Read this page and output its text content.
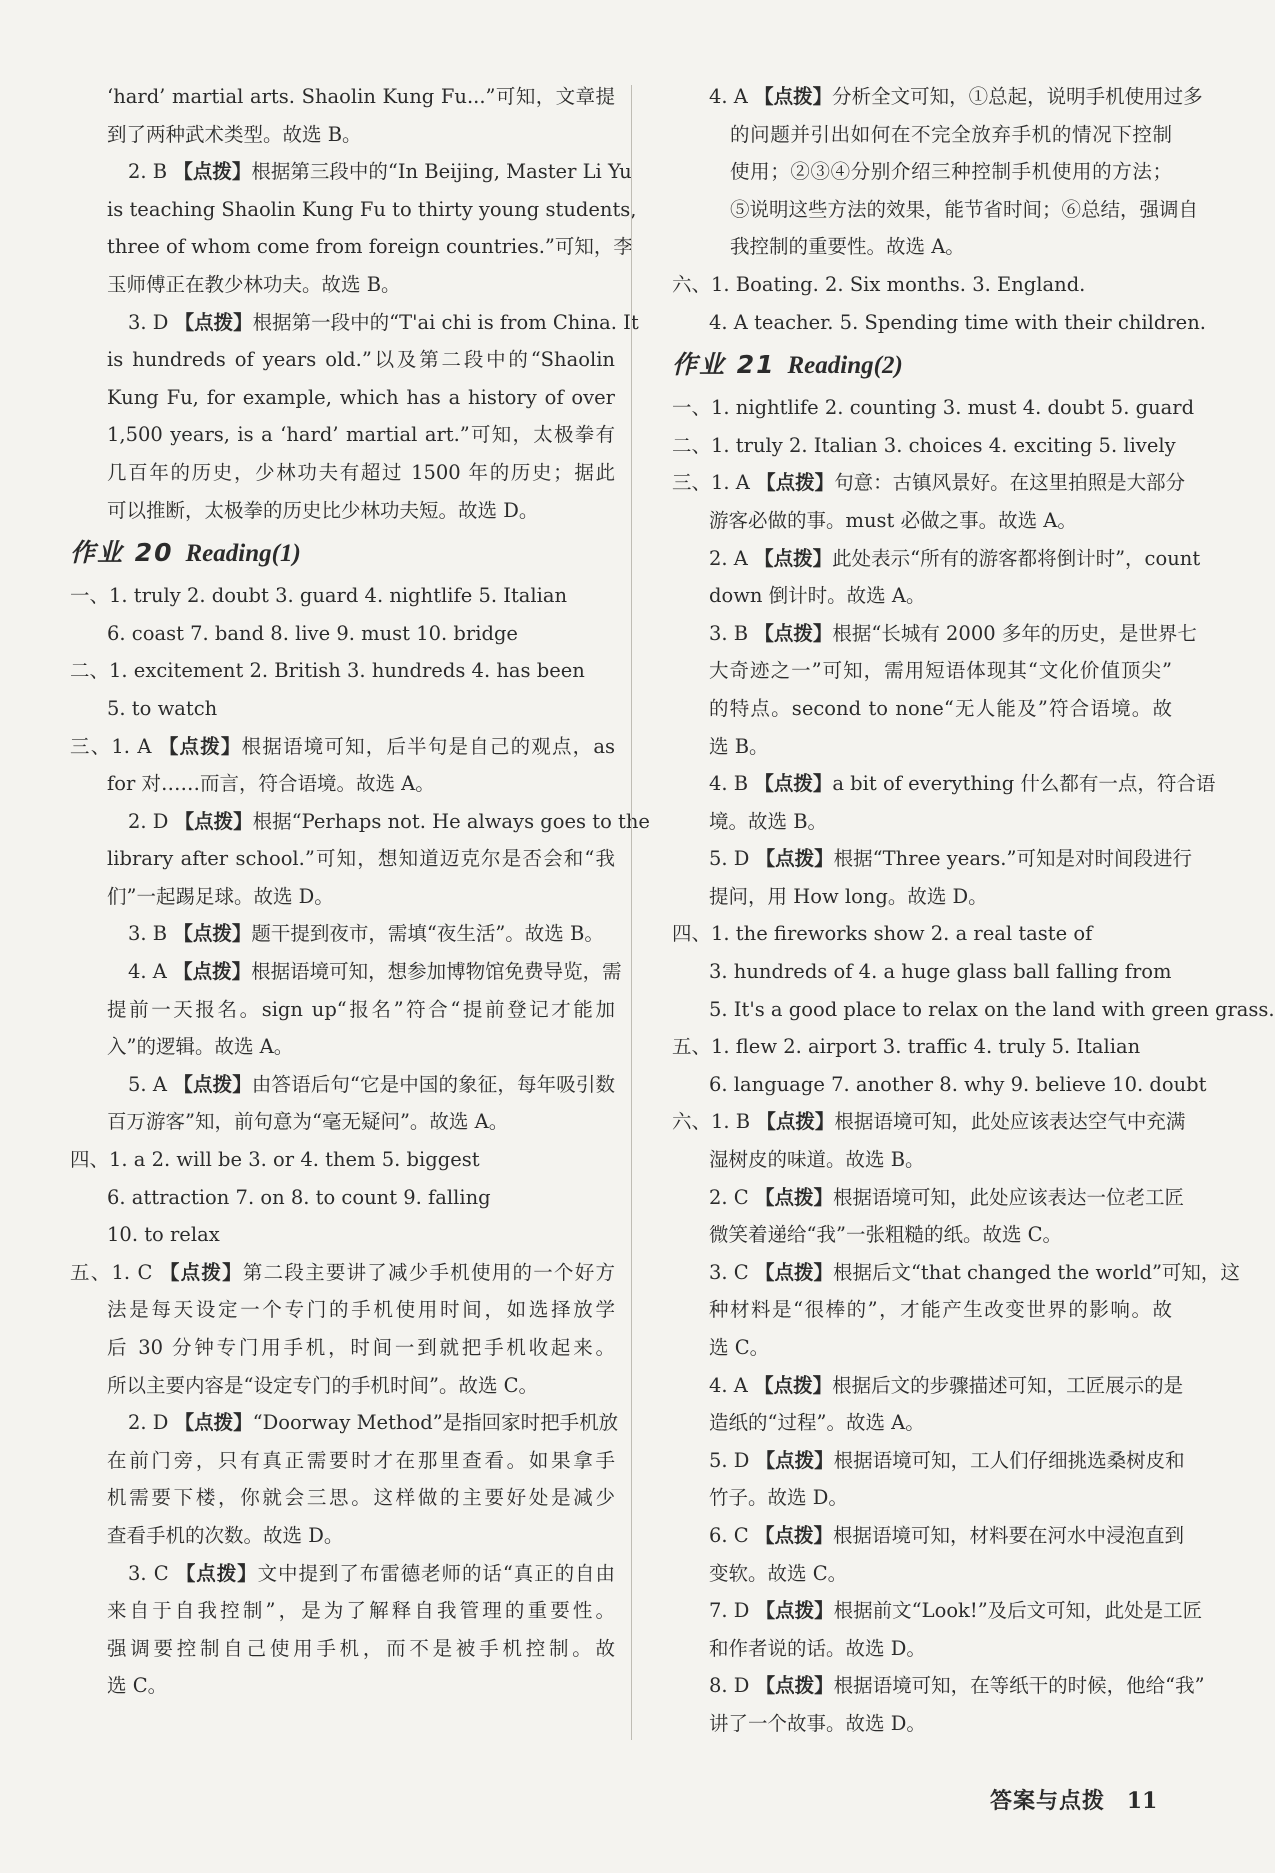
‘hard’ martial arts. Shaolin Kung Fu...”可知，文章提
到了两种武术类型。故选 B。
2. B 【点拨】根据第三段中的“In Beijing, Master Li Yu
is teaching Shaolin Kung Fu to thirty young students,
three of whom come from foreign countries.”可知，李
玉师傅正在教少林功夫。故选 B。
3. D 【点拨】根据第一段中的“T'ai chi is from China. It
is hundreds of years old.”以及第二段中的“Shaolin
Kung Fu, for example, which has a history of over
1,500 years, is a ‘hard’ martial art.”可知，太极拳有
几百年的历史，少林功夫有超过 1500 年的历史；据此
可以推断，太极拳的历史比少林功夫短。故选 D。
作业 20 Reading(1)
一、1. truly 2. doubt 3. guard 4. nightlife 5. Italian
6. coast 7. band 8. live 9. must 10. bridge
二、1. excitement 2. British 3. hundreds 4. has been
5. to watch
三、1. A 【点拨】根据语境可知，后半句是自己的观点，as
for 对……而言，符合语境。故选 A。
2. D 【点拨】根据“Perhaps not. He always goes to the
library after school.”可知，想知道迈克尔是否会和“我
们”一起踢足球。故选 D。
3. B 【点拨】题干提到夜市，需填“夜生活”。故选 B。
4. A 【点拨】根据语境可知，想参加博物馆免费导览，需
提前一天报名。sign up“报名”符合“提前登记才能加
入”的逻辑。故选 A。
5. A 【点拨】由答语后句“它是中国的象征，每年吸引数
百万游客”知，前句意为“毫无疑问”。故选 A。
四、1. a 2. will be 3. or 4. them 5. biggest
6. attraction 7. on 8. to count 9. falling
10. to relax
五、1. C 【点拨】第二段主要讲了减少手机使用的一个好方
法是每天设定一个专门的手机使用时间，如选择放学
后 30 分钟专门用手机，时间一到就把手机收起来。
所以主要内容是“设定专门的手机时间”。故选 C。
2. D 【点拨】“Doorway Method”是指回家时把手机放
在前门旁，只有真正需要时才在那里查看。如果拿手
机需要下楼，你就会三思。这样做的主要好处是减少
查看手机的次数。故选 D。
3. C 【点拨】文中提到了布雷德老师的话“真正的自由
来自于自我控制”，是为了解释自我管理的重要性。
强调要控制自己使用手机，而不是被手机控制。故
选 C。
4. A 【点拨】分析全文可知，①总起，说明手机使用过多
的问题并引出如何在不完全放弃手机的情况下控制
使用；②③④分别介绍三种控制手机使用的方法；
⑤说明这些方法的效果，能节省时间；⑥总结，强调自
我控制的重要性。故选 A。
六、1. Boating. 2. Six months. 3. England.
4. A teacher. 5. Spending time with their children.
作业 21 Reading(2)
一、1. nightlife 2. counting 3. must 4. doubt 5. guard
二、1. truly 2. Italian 3. choices 4. exciting 5. lively
三、1. A 【点拨】句意：古镇风景好。在这里拍照是大部分
游客必做的事。must 必做之事。故选 A。
2. A 【点拨】此处表示“所有的游客都将倒计时”，count
down 倒计时。故选 A。
3. B 【点拨】根据“长城有 2000 多年的历史，是世界七
大奇迹之一”可知，需用短语体现其“文化价值顶尖”
的特点。second to none“无人能及”符合语境。故
选 B。
4. B 【点拨】a bit of everything 什么都有一点，符合语
境。故选 B。
5. D 【点拨】根据“Three years.”可知是对时间段进行
提问，用 How long。故选 D。
四、1. the fireworks show 2. a real taste of
3. hundreds of 4. a huge glass ball falling from
5. It's a good place to relax on the land with green grass.
五、1. flew 2. airport 3. traffic 4. truly 5. Italian
6. language 7. another 8. why 9. believe 10. doubt
六、1. B 【点拨】根据语境可知，此处应该表达空气中充满
湿树皮的味道。故选 B。
2. C 【点拨】根据语境可知，此处应该表达一位老工匠
微笑着递给“我”一张粗糙的纸。故选 C。
3. C 【点拨】根据后文“that changed the world”可知，这
种材料是“很棒的”，才能产生改变世界的影响。故
选 C。
4. A 【点拨】根据后文的步骤描述可知，工匠展示的是
造纸的“过程”。故选 A。
5. D 【点拨】根据语境可知，工人们仔细挑选桑树皮和
竹子。故选 D。
6. C 【点拨】根据语境可知，材料要在河水中浸泡直到
变软。故选 C。
7. D 【点拨】根据前文“Look!”及后文可知，此处是工匠
和作者说的话。故选 D。
8. D 【点拨】根据语境可知，在等纸干的时候，他给“我”
讲了一个故事。故选 D。
答案与点拨 11
